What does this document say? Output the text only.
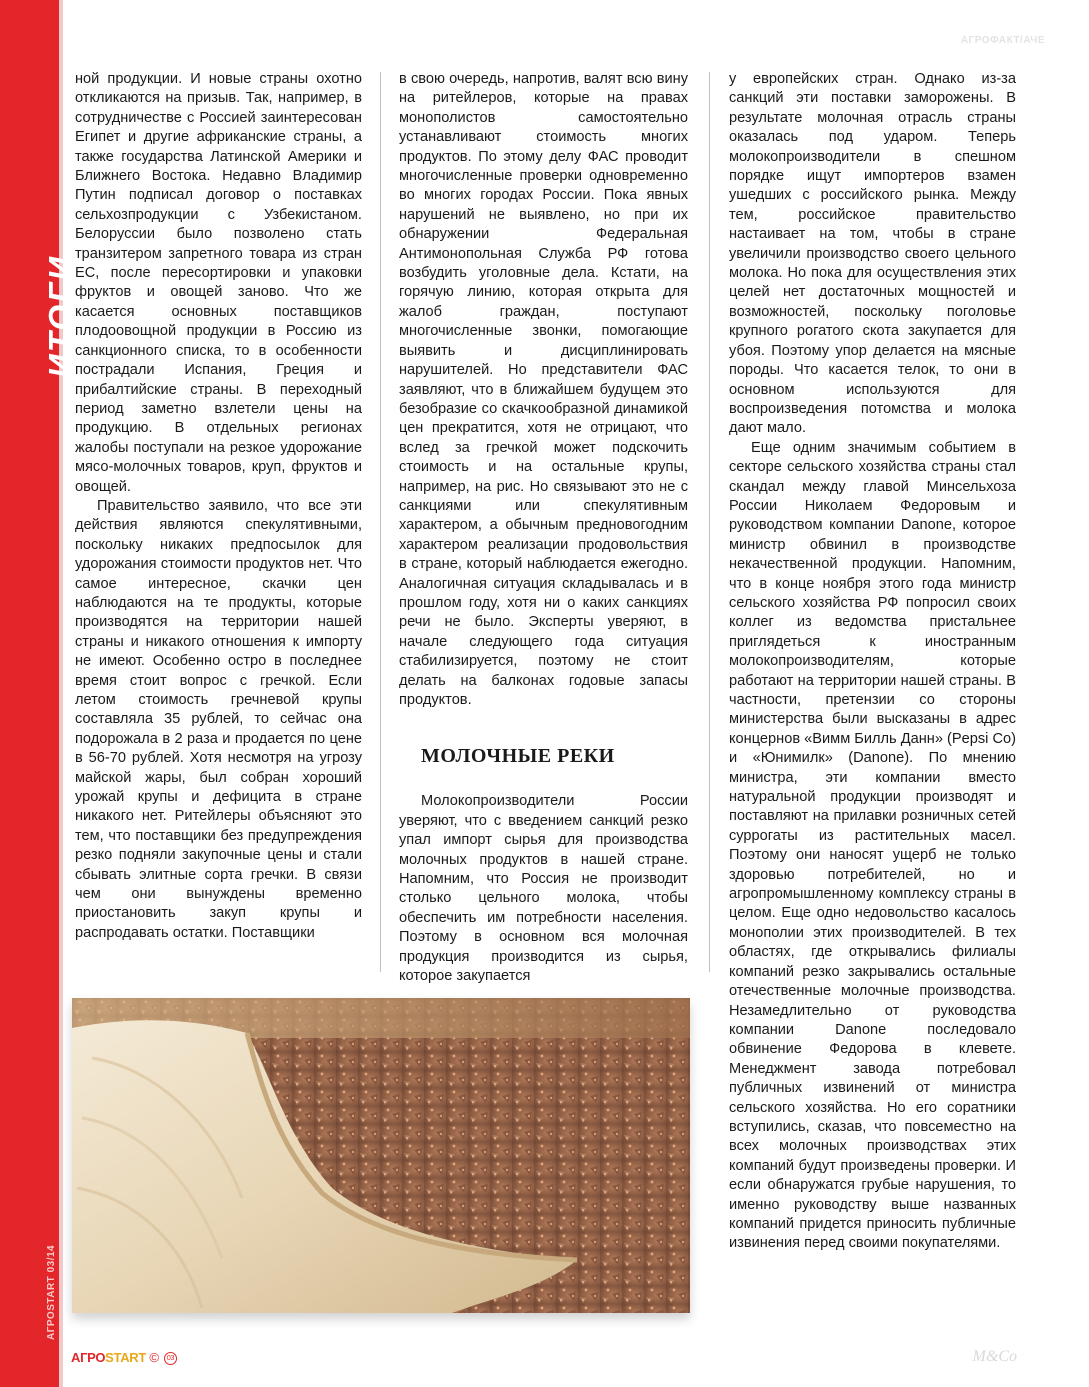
ИТОГИ
АГРОSTART 03/14
АГРОФАКТ/АЧЕ

ной продукции. И новые страны охотно откликаются на призыв. Так, например, в сотрудничестве с Россией заинтересован Египет и другие африканские страны, а также государства Латинской Америки и Ближнего Востока. Недавно Владимир Путин подписал договор о поставках сельхозпродукции с Узбекистаном. Белоруссии было позволено стать транзитером запретного товара из стран ЕС, после пересортировки и упаковки фруктов и овощей заново. Что же касается основных поставщиков плодоовощной продукции в Россию из санкционного списка, то в особенности пострадали Испания, Греция и прибалтийские страны. В переходный период заметно взлетели цены на продукцию. В отдельных регионах жалобы поступали на резкое удорожание мясо-молочных товаров, круп, фруктов и овощей.

Правительство заявило, что все эти действия являются спекулятивными, поскольку никаких предпосылок для удорожания стоимости продуктов нет. Что самое интересное, скачки цен наблюдаются на те продукты, которые производятся на территории нашей страны и никакого отношения к импорту не имеют. Особенно остро в последнее время стоит вопрос с гречкой. Если летом стоимость гречневой крупы составляла 35 рублей, то сейчас она подорожала в 2 раза и продается по цене в 56-70 рублей. Хотя несмотря на угрозу майской жары, был собран хороший урожай крупы и дефицита в стране никакого нет. Ритейлеры объясняют это тем, что поставщики без предупреждения резко подняли закупочные цены и стали сбывать элитные сорта гречки. В связи чем они вынуждены временно приостановить закуп крупы и распродавать остатки. Поставщики

в свою очередь, напротив, валят всю вину на ритейлеров, которые на правах монополистов самостоятельно устанавливают стоимость многих продуктов. По этому делу ФАС проводит многочисленные проверки одновременно во многих городах России. Пока явных нарушений не выявлено, но при их обнаружении Федеральная Антимонопольная Служба РФ готова возбудить уголовные дела. Кстати, на горячую линию, которая открыта для жалоб граждан, поступают многочисленные звонки, помогающие выявить и дисциплинировать нарушителей. Но представители ФАС заявляют, что в ближайшем будущем это безобразие со скачкообразной динамикой цен прекратится, хотя не отрицают, что вслед за гречкой может подскочить стоимость и на остальные крупы, например, на рис. Но связывают это не с санкциями или спекулятивным характером, а обычным предновогодним характером реализации продовольствия в стране, который наблюдается ежегодно. Аналогичная ситуация складывалась и в прошлом году, хотя ни о каких санкциях речи не было. Эксперты уверяют, в начале следующего года ситуация стабилизируется, поэтому не стоит делать на балконах годовые запасы продуктов.

МОЛОЧНЫЕ РЕКИ

Молокопроизводители России уверяют, что с введением санкций резко упал импорт сырья для производства молочных продуктов в нашей стране. Напомним, что Россия не производит столько цельного молока, чтобы обеспечить им потребности населения. Поэтому в основном вся молочная продукция производится из сырья, которое закупается

у европейских стран. Однако из-за санкций эти поставки заморожены. В результате молочная отрасль страны оказалась под ударом. Теперь молокопроизводители в спешном порядке ищут импортеров взамен ушедших с российского рынка. Между тем, российское правительство настаивает на том, чтобы в стране увеличили производство своего цельного молока. Но пока для осуществления этих целей нет достаточных мощностей и возможностей, поскольку поголовье крупного рогатого скота закупается для убоя. Поэтому упор делается на мясные породы. Что касается телок, то они в основном используются для воспроизведения потомства и молока дают мало.

Еще одним значимым событием в секторе сельского хозяйства страны стал скандал между главой Минсельхоза России Николаем Федоровым и руководством компании Danone, которое министр обвинил в производстве некачественной продукции. Напомним, что в конце ноября этого года министр сельского хозяйства РФ попросил своих коллег из ведомства пристальнее приглядеться к иностранным молокопроизводителям, которые работают на территории нашей страны. В частности, претензии со стороны министерства были высказаны в адрес концернов «Вимм Билль Данн» (Pepsi Co) и «Юнимилк» (Danone). По мнению министра, эти компании вместо натуральной продукции производят и поставляют на прилавки розничных сетей суррогаты из растительных масел. Поэтому они наносят ущерб не только здоровью потребителей, но и агропромышленному комплексу страны в целом. Еще одно недовольство касалось монополии этих производителей. В тех областях, где открывались филиалы компаний резко закрывались остальные отечественные молочные производства. Незамедлительно от руководства компании Danone последовало обвинение Федорова в клевете. Менеджмент завода потребовал публичных извинений от министра сельского хозяйства. Но его соратники вступились, сказав, что повсеместно на всех молочных производствах этих компаний будут произведены проверки. И если обнаружатся грубые нарушения, то именно руководству выше названных компаний придется приносить публичные извинения перед своими покупателями.

АГРОSTART © 03	M&Co
